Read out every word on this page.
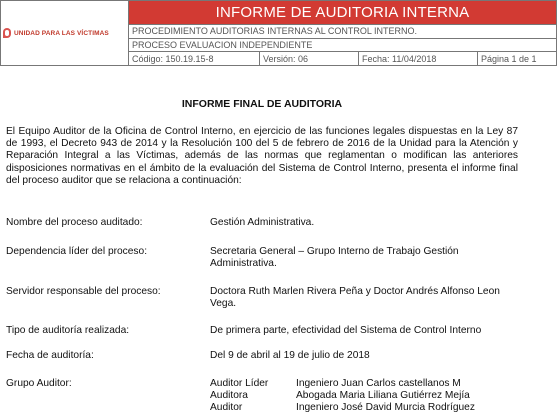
UNIDAD PARA LAS VÍCTIMAS	INFORME DE AUDITORIA INTERNA			
	PROCEDIMIENTO AUDITORIAS INTERNAS AL CONTROL INTERNO.			
	PROCESO EVALUACION INDEPENDIENTE			
	Código: 150.19.15-8	Versión: 06	Fecha: 11/04/2018	Página 1 de 1
INFORME FINAL DE AUDITORIA
El Equipo Auditor de la Oficina de Control Interno, en ejercicio de las funciones legales dispuestas en la Ley 87 de 1993, el Decreto 943 de 2014 y la Resolución 100 del 5 de febrero de 2016 de la Unidad para la Atención y Reparación Integral a las Víctimas, además de las normas que reglamentan o modifican las anteriores disposiciones normativas en el ámbito de la evaluación del Sistema de Control Interno, presenta el informe final del proceso auditor que se relaciona a continuación:
Nombre del proceso auditado:	Gestión Administrativa.
Dependencia líder del proceso:	Secretaria General – Grupo Interno de Trabajo Gestión Administrativa.
Servidor responsable del proceso:	Doctora Ruth Marlen Rivera Peña y Doctor Andrés Alfonso Leon Vega.
Tipo de auditoría realizada:	De primera parte, efectividad del Sistema de Control Interno
Fecha de auditoría:	Del 9 de abril al 19 de julio de 2018
Grupo Auditor:	Auditor Líder	Ingeniero Juan Carlos castellanos M
Auditora	Abogada Maria Liliana Gutiérrez Mejía
Auditor	Ingeniero José David Murcia Rodríguez
